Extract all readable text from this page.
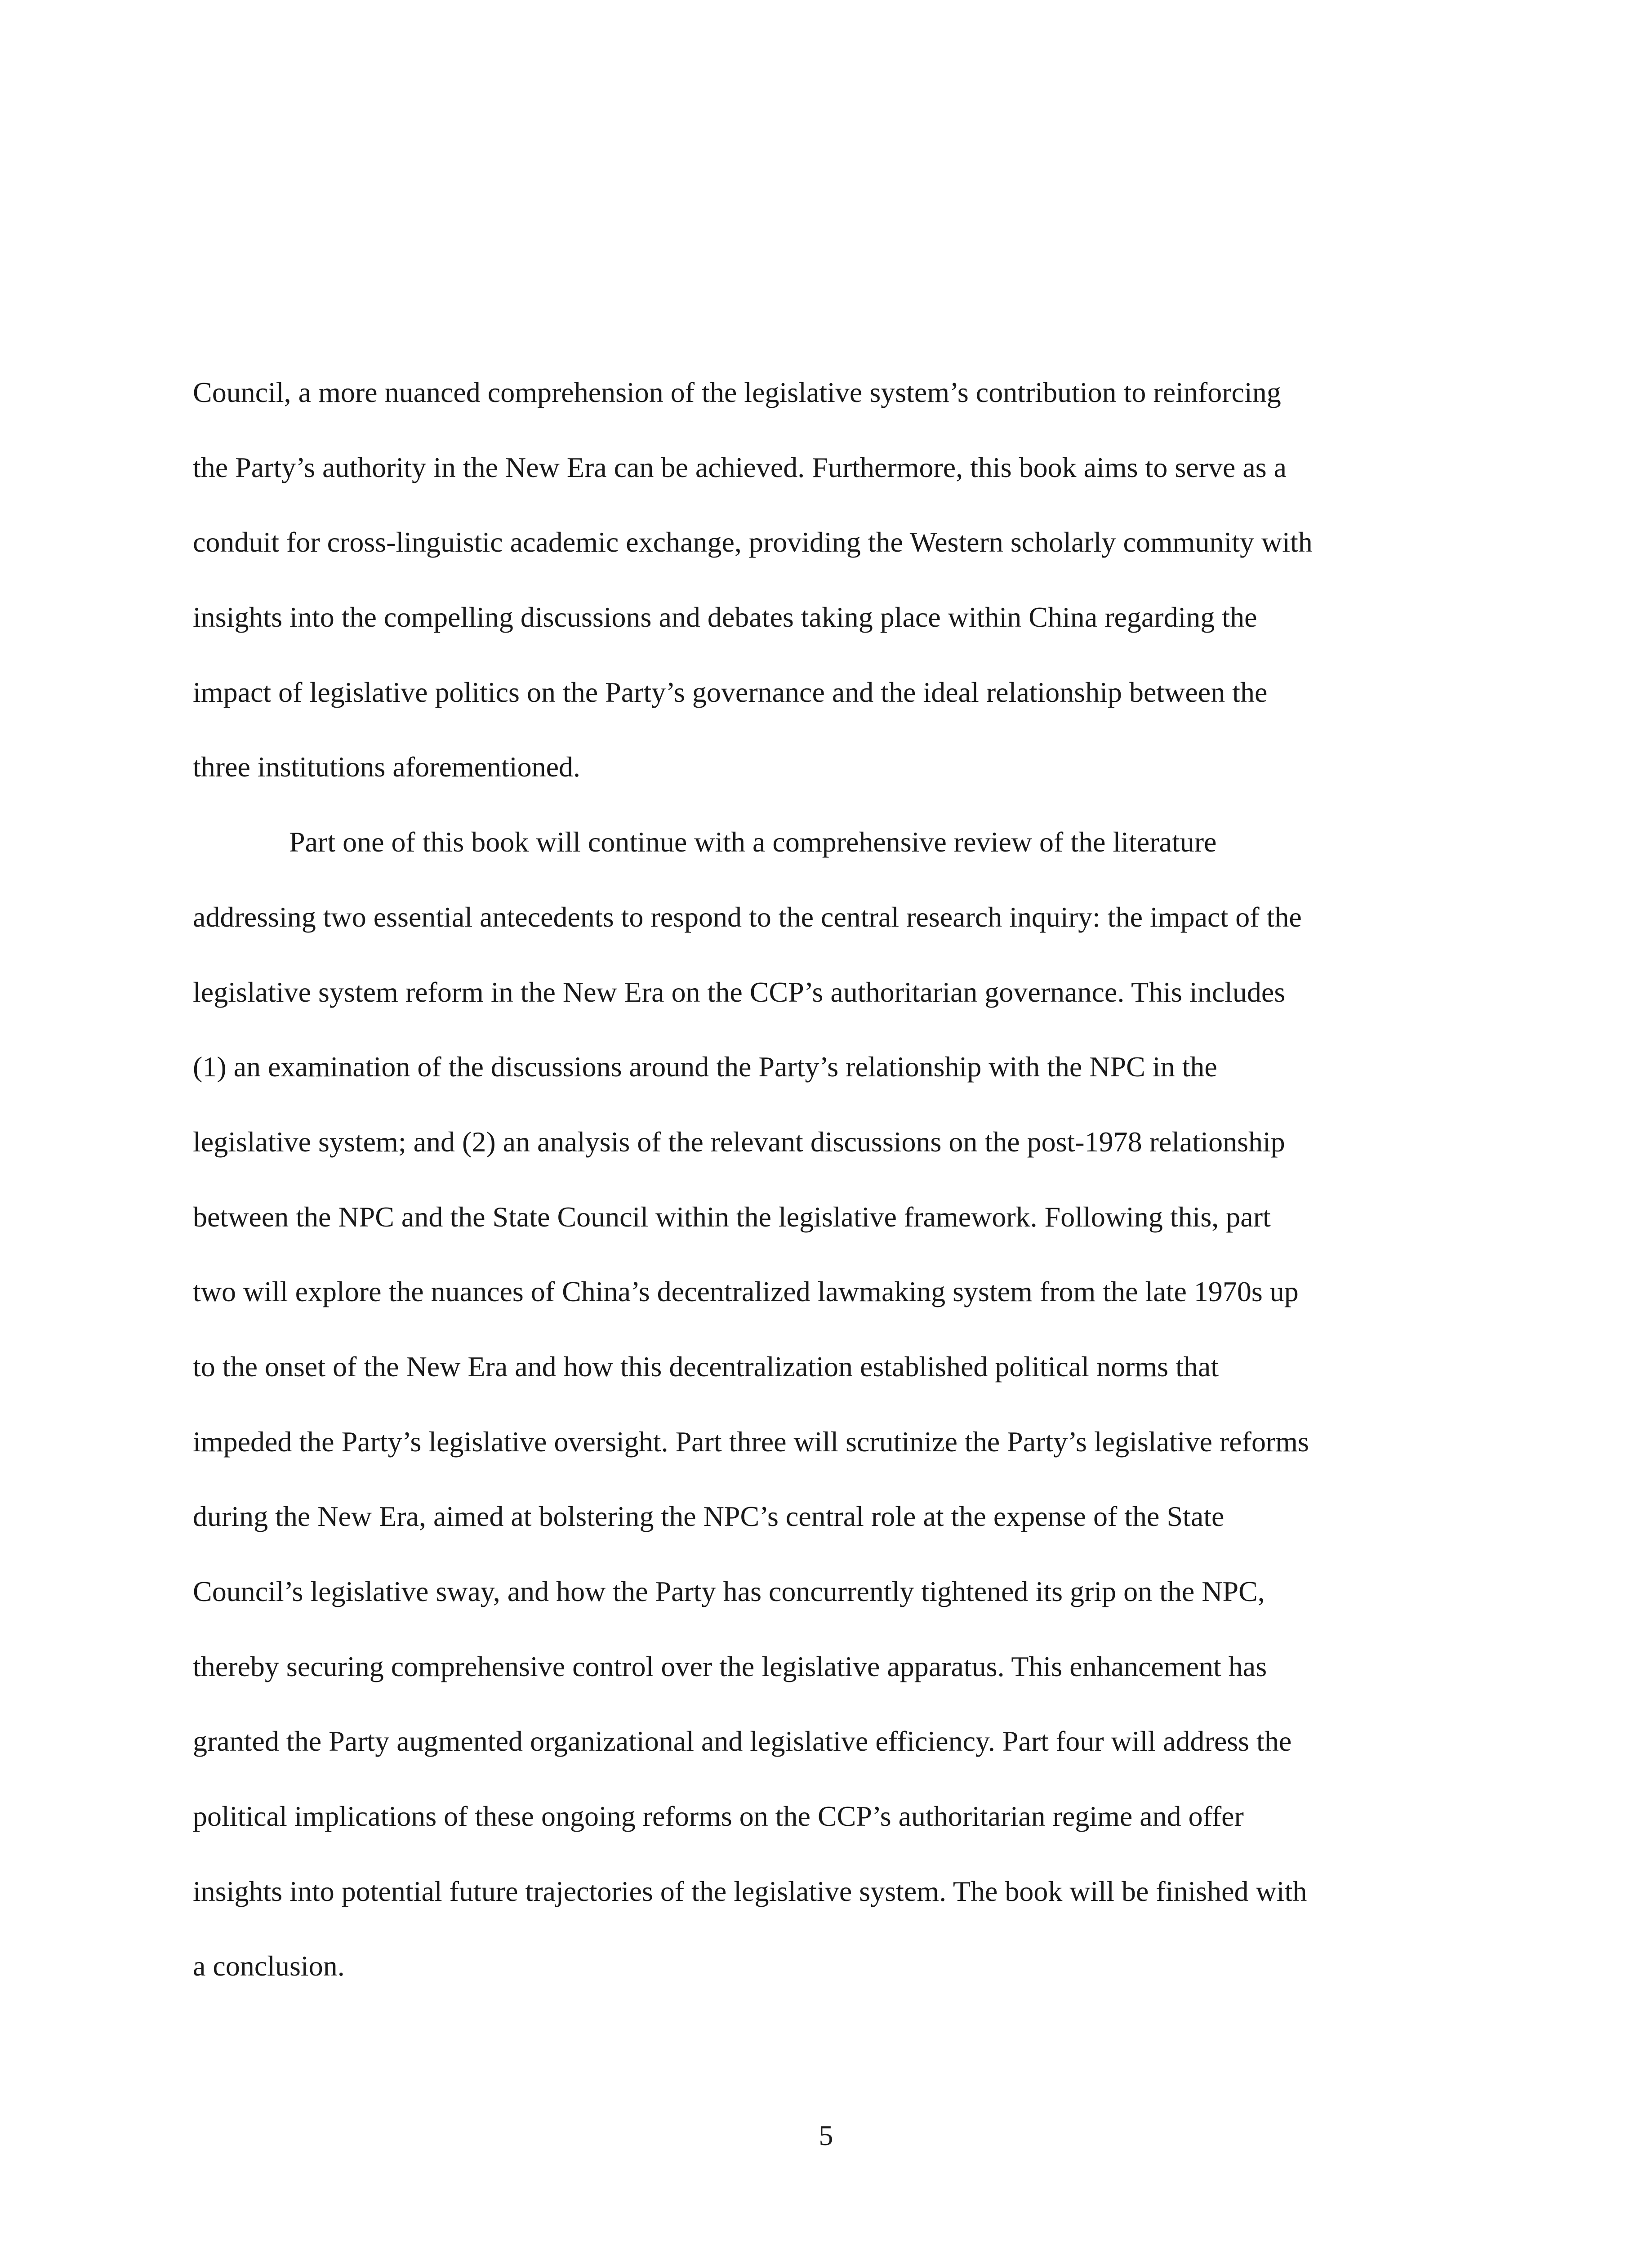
Council, a more nuanced comprehension of the legislative system’s contribution to reinforcing
the Party’s authority in the New Era can be achieved. Furthermore, this book aims to serve as a
conduit for cross-linguistic academic exchange, providing the Western scholarly community with
insights into the compelling discussions and debates taking place within China regarding the
impact of legislative politics on the Party’s governance and the ideal relationship between the
three institutions aforementioned.
Part one of this book will continue with a comprehensive review of the literature
addressing two essential antecedents to respond to the central research inquiry: the impact of the
legislative system reform in the New Era on the CCP’s authoritarian governance. This includes
(1) an examination of the discussions around the Party’s relationship with the NPC in the
legislative system; and (2) an analysis of the relevant discussions on the post-1978 relationship
between the NPC and the State Council within the legislative framework. Following this, part
two will explore the nuances of China’s decentralized lawmaking system from the late 1970s up
to the onset of the New Era and how this decentralization established political norms that
impeded the Party’s legislative oversight. Part three will scrutinize the Party’s legislative reforms
during the New Era, aimed at bolstering the NPC’s central role at the expense of the State
Council’s legislative sway, and how the Party has concurrently tightened its grip on the NPC,
thereby securing comprehensive control over the legislative apparatus. This enhancement has
granted the Party augmented organizational and legislative efficiency. Part four will address the
political implications of these ongoing reforms on the CCP’s authoritarian regime and offer
insights into potential future trajectories of the legislative system. The book will be finished with
a conclusion.
5
